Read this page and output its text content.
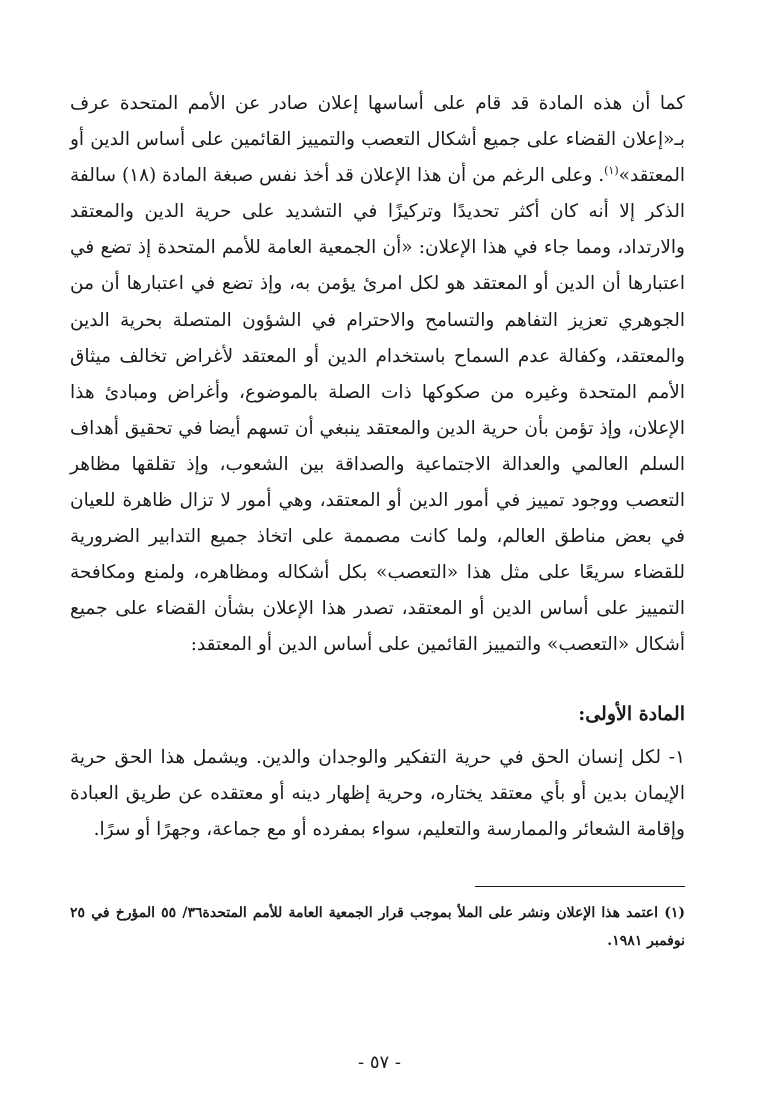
كما أن هذه المادة قد قام على أساسها إعلان صادر عن الأمم المتحدة عرف بـ«إعلان القضاء على جميع أشكال التعصب والتمييز القائمين على أساس الدين أو المعتقد»$^{(١)}$. وعلى الرغم من أن هذا الإعلان قد أخذ نفس صبغة المادة (١٨) سالفة الذكر إلا أنه كان أكثر تحديدًا وتركيزًا في التشديد على حرية الدين والمعتقد والارتداد، ومما جاء في هذا الإعلان: «أن الجمعية العامة للأمم المتحدة إذ تضع في اعتبارها أن الدين أو المعتقد هو لكل امرئ يؤمن به، وإذ تضع في اعتبارها أن من الجوهري تعزيز التفاهم والتسامح والاحترام في الشؤون المتصلة بحرية الدين والمعتقد، وكفالة عدم السماح باستخدام الدين أو المعتقد لأغراض تخالف ميثاق الأمم المتحدة وغيره من صكوكها ذات الصلة بالموضوع، وأغراض ومبادئ هذا الإعلان، وإذ تؤمن بأن حرية الدين والمعتقد ينبغي أن تسهم أيضا في تحقيق أهداف السلم العالمي والعدالة الاجتماعية والصداقة بين الشعوب، وإذ تقلقها مظاهر التعصب ووجود تمييز في أمور الدين أو المعتقد، وهي أمور لا تزال ظاهرة للعيان في بعض مناطق العالم، ولما كانت مصممة على اتخاذ جميع التدابير الضرورية للقضاء سريعًا على مثل هذا «التعصب» بكل أشكاله ومظاهره، ولمنع ومكافحة التمييز على أساس الدين أو المعتقد، تصدر هذا الإعلان بشأن القضاء على جميع أشكال «التعصب» والتمييز القائمين على أساس الدين أو المعتقد:

المادة الأولى:

١- لكل إنسان الحق في حرية التفكير والوجدان والدين. ويشمل هذا الحق حرية الإيمان بدين أو بأي معتقد يختاره، وحرية إظهار دينه أو معتقده عن طريق العبادة وإقامة الشعائر والممارسة والتعليم، سواء بمفرده أو مع جماعة، وجهرًا أو سرًا.

(١) اعتمد هذا الإعلان ونشر على الملأ بموجب قرار الجمعية العامة للأمم المتحدة٣٦/ ٥٥ المؤرخ في ٢٥ نوفمبر ١٩٨١.
- ٥٧ -
